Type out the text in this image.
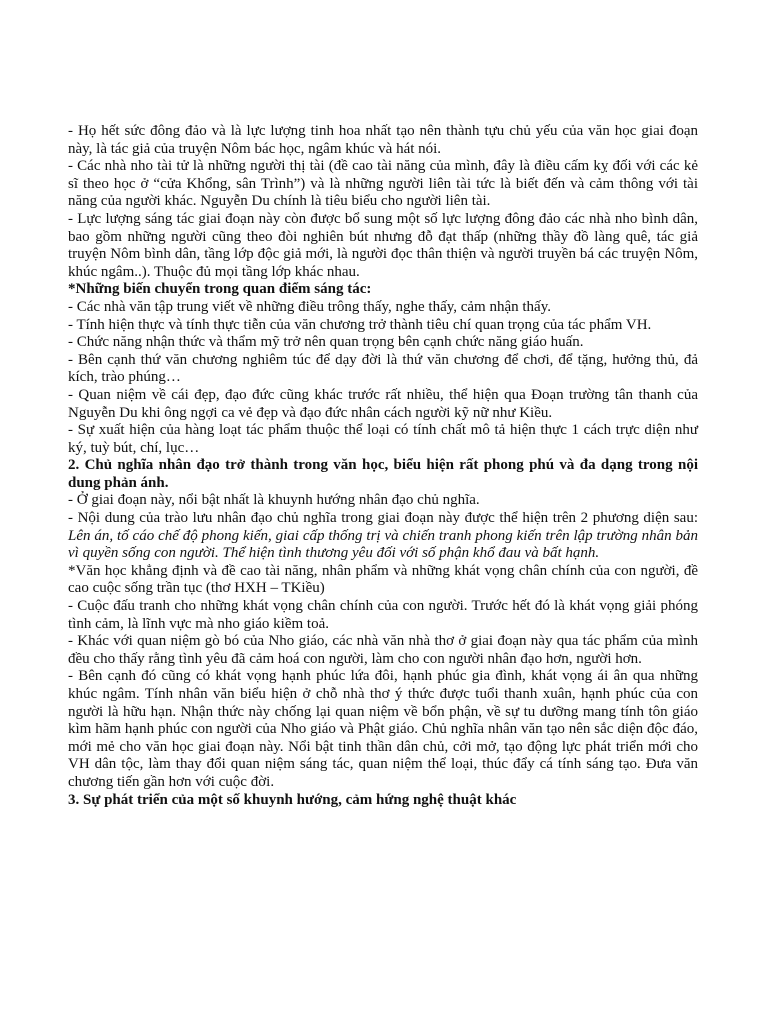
- Họ hết sức đông đảo và là lực lượng tinh hoa nhất tạo nên thành tựu chủ yếu của văn học giai đoạn này, là tác giả của truyện Nôm bác học, ngâm khúc và hát nói.

- Các nhà nho tài tử là những người thị tài (đề cao tài năng của mình, đây là điều cấm kỵ đối với các kẻ sĩ theo học ở “cửa Khổng, sân Trình”) và là những người liên tài tức là biết đến và cảm thông với tài năng của người khác. Nguyễn Du chính là tiêu biểu cho người liên tài.

- Lực lượng sáng tác giai đoạn này còn được bổ sung một số lực lượng đông đảo các nhà nho bình dân, bao gồm những người cũng theo đòi nghiên bút nhưng đỗ đạt thấp (những thầy đồ làng quê, tác giả truyện Nôm bình dân, tầng lớp độc giả mới, là người đọc thân thiện và người truyền bá các truyện Nôm, khúc ngâm..). Thuộc đủ mọi tầng lớp khác nhau.

*Những biến chuyển trong quan điểm sáng tác:

- Các nhà văn tập trung viết về những điều trông thấy, nghe thấy, cảm nhận thấy.

- Tính hiện thực và tính thực tiễn của văn chương trở thành tiêu chí quan trọng của tác phẩm VH.

- Chức năng nhận thức và thẩm mỹ trở nên quan trọng bên cạnh chức năng giáo huấn.

- Bên cạnh thứ văn chương nghiêm túc để dạy đời là thứ văn chương để chơi, để tặng, hưởng thủ, đả kích, trào phúng…

- Quan niệm về cái đẹp, đạo đức cũng khác trước rất nhiều, thể hiện qua Đoạn trường tân thanh của Nguyễn Du khi ông ngợi ca vẻ đẹp và đạo đức nhân cách người kỹ nữ như Kiều.

- Sự xuất hiện của hàng loạt tác phẩm thuộc thể loại có tính chất mô tả hiện thực 1 cách trực diện như ký, tuỳ bút, chí, lục…

2. Chủ nghĩa nhân đạo trở thành trong văn học, biểu hiện rất phong phú và đa dạng trong nội dung phản ánh.

- Ở giai đoạn này, nổi bật nhất là khuynh hướng nhân đạo chủ nghĩa.

- Nội dung của trào lưu nhân đạo chủ nghĩa trong giai đoạn này được thể hiện trên 2 phương diện sau: Lên án, tố cáo chế độ phong kiến, giai cấp thống trị và chiến tranh phong kiến trên lập trường nhân bản vì quyền sống con người. Thể hiện tình thương yêu đối với số phận khổ đau và bất hạnh.

*Văn học khẳng định và đề cao tài năng, nhân phẩm và những khát vọng chân chính của con người, đề cao cuộc sống trần tục (thơ HXH – TKiều)

- Cuộc đấu tranh cho những khát vọng chân chính của con người. Trước hết đó là khát vọng giải phóng tình cảm, là lĩnh vực mà nho giáo kiềm toả.

- Khác với quan niệm gò bó của Nho giáo, các nhà văn nhà thơ ở giai đoạn này qua tác phẩm của mình đều cho thấy rằng tình yêu đã cảm hoá con người, làm cho con người nhân đạo hơn, người hơn.

- Bên cạnh đó cũng có khát vọng hạnh phúc lứa đôi, hạnh phúc gia đình, khát vọng ái ân qua những khúc ngâm. Tính nhân văn biểu hiện ở chỗ nhà thơ ý thức được tuổi thanh xuân, hạnh phúc của con người là hữu hạn. Nhận thức này chống lại quan niệm về bổn phận, về sự tu dưỡng mang tính tôn giáo kìm hãm hạnh phúc con người của Nho giáo và Phật giáo. Chủ nghĩa nhân văn tạo nên sắc diện độc đáo, mới mẻ cho văn học giai đoạn này. Nổi bật tinh thần dân chủ, cởi mở, tạo động lực phát triển mới cho VH dân tộc, làm thay đổi quan niệm sáng tác, quan niệm thể loại, thúc đẩy cá tính sáng tạo. Đưa văn chương tiến gần hơn với cuộc đời.

3. Sự phát triển của một số khuynh hướng, cảm hứng nghệ thuật khác
